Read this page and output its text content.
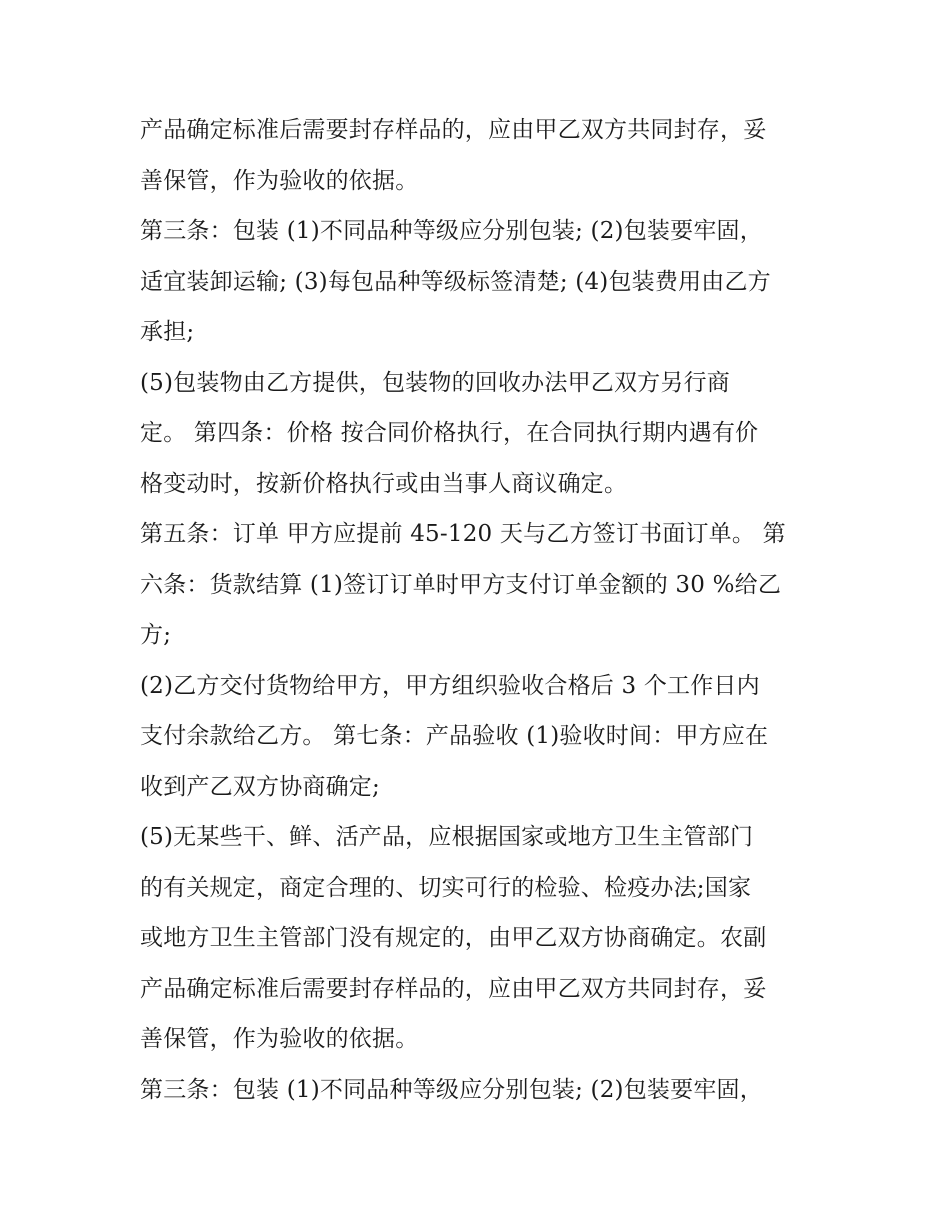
产品确定标准后需要封存样品的，应由甲乙双方共同封存，妥
善保管，作为验收的依据。
第三条：包装 (1)不同品种等级应分别包装; (2)包装要牢固，
适宜装卸运输; (3)每包品种等级标签清楚; (4)包装费用由乙方
承担;
(5)包装物由乙方提供，包装物的回收办法甲乙双方另行商
定。 第四条：价格 按合同价格执行，在合同执行期内遇有价
格变动时，按新价格执行或由当事人商议确定。
第五条：订单 甲方应提前 45-120 天与乙方签订书面订单。 第
六条：货款结算 (1)签订订单时甲方支付订单金额的 30 %给乙
方;
(2)乙方交付货物给甲方，甲方组织验收合格后 3 个工作日内
支付余款给乙方。 第七条：产品验收 (1)验收时间：甲方应在
收到产乙双方协商确定;
(5)无某些干、鲜、活产品，应根据国家或地方卫生主管部门
的有关规定，商定合理的、切实可行的检验、检疫办法;国家
或地方卫生主管部门没有规定的，由甲乙双方协商确定。农副
产品确定标准后需要封存样品的，应由甲乙双方共同封存，妥
善保管，作为验收的依据。
第三条：包装 (1)不同品种等级应分别包装; (2)包装要牢固，
